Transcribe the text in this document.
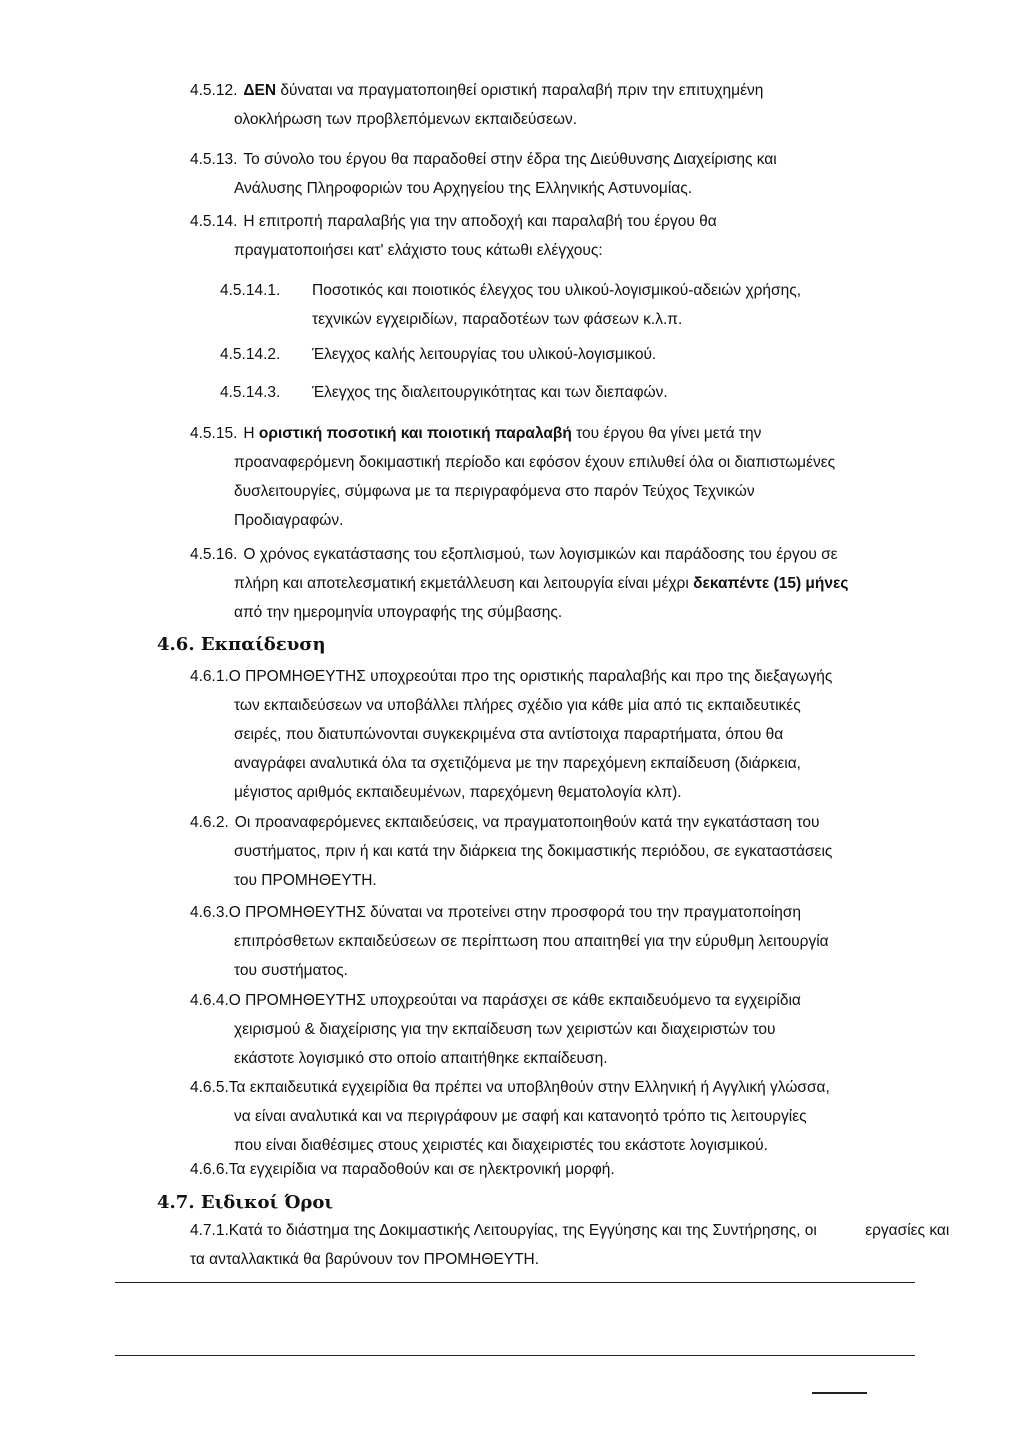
4.5.12. ΔΕΝ δύναται να πραγματοποιηθεί οριστική παραλαβή πριν την επιτυχημένη
ολοκλήρωση των προβλεπόμενων εκπαιδεύσεων.
4.5.13. Το σύνολο του έργου θα παραδοθεί στην έδρα της Διεύθυνσης Διαχείρισης και
Ανάλυσης Πληροφοριών του Αρχηγείου της Ελληνικής Αστυνομίας.
4.5.14. Η επιτροπή παραλαβής για την αποδοχή και παραλαβή του έργου θα
πραγματοποιήσει κατ' ελάχιστο τους κάτωθι ελέγχους:
4.5.14.1. Ποσοτικός και ποιοτικός έλεγχος του υλικού-λογισμικού-αδειών χρήσης,
τεχνικών εγχειριδίων, παραδοτέων των φάσεων κ.λ.π.
4.5.14.2. Έλεγχος καλής λειτουργίας του υλικού-λογισμικού.
4.5.14.3. Έλεγχος της διαλειτουργικότητας και των διεπαφών.
4.5.15. Η οριστική ποσοτική και ποιοτική παραλαβή του έργου θα γίνει μετά την
προαναφερόμενη δοκιμαστική περίοδο και εφόσον έχουν επιλυθεί όλα οι διαπιστωμένες
δυσλειτουργίες, σύμφωνα με τα περιγραφόμενα στο παρόν Τεύχος Τεχνικών
Προδιαγραφών.
4.5.16. Ο χρόνος εγκατάστασης του εξοπλισμού, των λογισμικών και παράδοσης του έργου σε
πλήρη και αποτελεσματική εκμετάλλευση και λειτουργία είναι μέχρι δεκαπέντε (15) μήνες
από την ημερομηνία υπογραφής της σύμβασης.
4.6. Εκπαίδευση
4.6.1.Ο ΠΡΟΜΗΘΕΥΤΗΣ υποχρεούται προ της οριστικής παραλαβής και προ της διεξαγωγής
των εκπαιδεύσεων να υποβάλλει πλήρες σχέδιο για κάθε μία από τις εκπαιδευτικές
σειρές, που διατυπώνονται συγκεκριμένα στα αντίστοιχα παραρτήματα, όπου θα
αναγράφει αναλυτικά όλα τα σχετιζόμενα με την παρεχόμενη εκπαίδευση (διάρκεια,
μέγιστος αριθμός εκπαιδευμένων, παρεχόμενη θεματολογία κλπ).
4.6.2. Οι προαναφερόμενες εκπαιδεύσεις, να πραγματοποιηθούν κατά την εγκατάσταση του
συστήματος, πριν ή και κατά την διάρκεια της δοκιμαστικής περιόδου, σε εγκαταστάσεις
του ΠΡΟΜΗΘΕΥΤΗ.
4.6.3.Ο ΠΡΟΜΗΘΕΥΤΗΣ δύναται να προτείνει στην προσφορά του την πραγματοποίηση
επιπρόσθετων εκπαιδεύσεων σε περίπτωση που απαιτηθεί για την εύρυθμη λειτουργία
του συστήματος.
4.6.4.Ο ΠΡΟΜΗΘΕΥΤΗΣ υποχρεούται να παράσχει σε κάθε εκπαιδευόμενο τα εγχειρίδια
χειρισμού & διαχείρισης για την εκπαίδευση των χειριστών και διαχειριστών του
εκάστοτε λογισμικό στο οποίο απαιτήθηκε εκπαίδευση.
4.6.5.Τα εκπαιδευτικά εγχειρίδια θα πρέπει να υποβληθούν στην Ελληνική ή Αγγλική γλώσσα,
να είναι αναλυτικά και να περιγράφουν με σαφή και κατανοητό τρόπο τις λειτουργίες
που είναι διαθέσιμες στους χειριστές και διαχειριστές του εκάστοτε λογισμικού.
4.6.6.Τα εγχειρίδια να παραδοθούν και σε ηλεκτρονική μορφή.
4.7. Ειδικοί Όροι
4.7.1.Κατά το διάστημα της Δοκιμαστικής Λειτουργίας, της Εγγύησης και της Συντήρησης, οι	εργασίες και τα ανταλλακτικά θα βαρύνουν τον ΠΡΟΜΗΘΕΥΤΗ.
